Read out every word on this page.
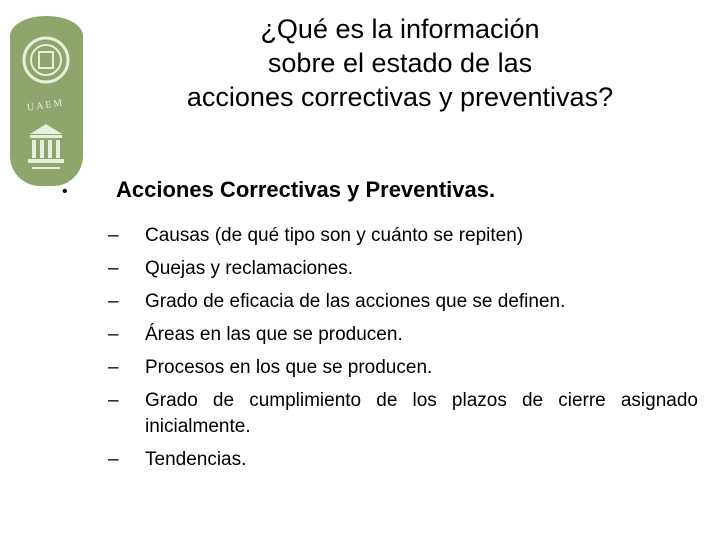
UAEM
¿Qué es la información
sobre el estado de las
acciones correctivas y preventivas?
• Acciones Correctivas y Preventivas.
– Causas (de qué tipo son y cuánto se repiten)
– Quejas y reclamaciones.
– Grado de eficacia de las acciones que se definen.
– Áreas en las que se producen.
– Procesos en los que se producen.
– Grado de cumplimiento de los plazos de cierre asignado inicialmente.
– Tendencias.
